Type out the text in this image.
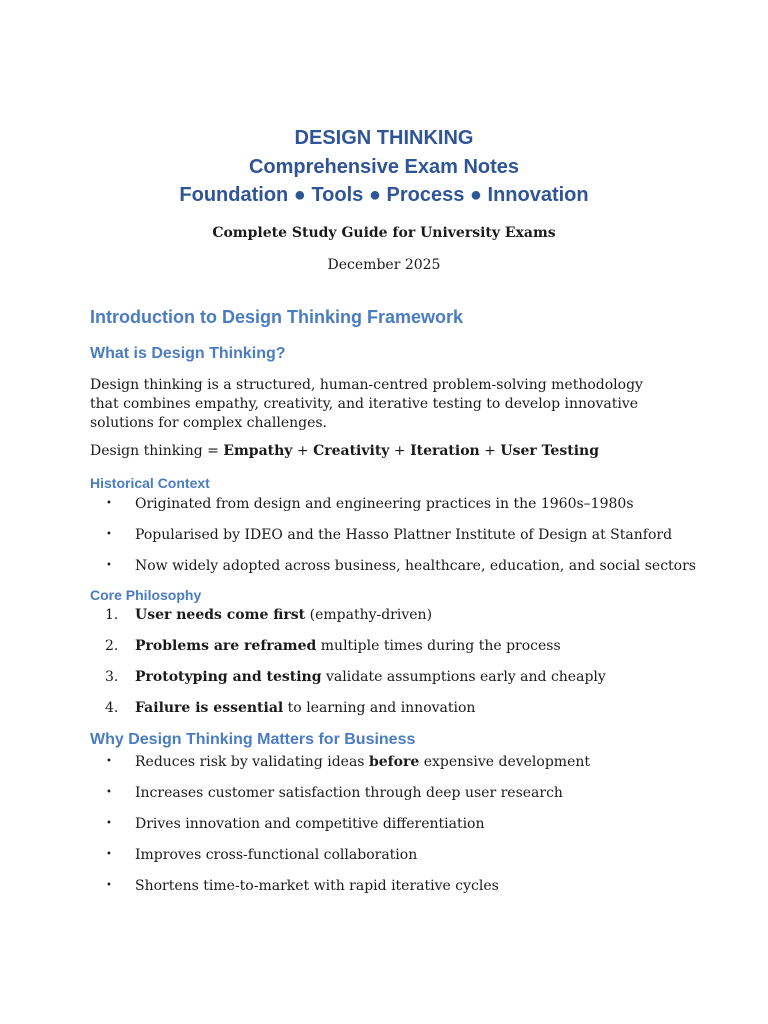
DESIGN THINKING
Comprehensive Exam Notes
Foundation ● Tools ● Process ● Innovation
Complete Study Guide for University Exams
December 2025
Introduction to Design Thinking Framework
What is Design Thinking?
Design thinking is a structured, human-centred problem-solving methodology that combines empathy, creativity, and iterative testing to develop innovative solutions for complex challenges.
Design thinking = Empathy + Creativity + Iteration + User Testing
Historical Context
•	Originated from design and engineering practices in the 1960s–1980s
•	Popularised by IDEO and the Hasso Plattner Institute of Design at Stanford
•	Now widely adopted across business, healthcare, education, and social sectors
Core Philosophy
1.	User needs come first (empathy-driven)
2.	Problems are reframed multiple times during the process
3.	Prototyping and testing validate assumptions early and cheaply
4.	Failure is essential to learning and innovation
Why Design Thinking Matters for Business
•	Reduces risk by validating ideas before expensive development
•	Increases customer satisfaction through deep user research
•	Drives innovation and competitive differentiation
•	Improves cross-functional collaboration
•	Shortens time-to-market with rapid iterative cycles
